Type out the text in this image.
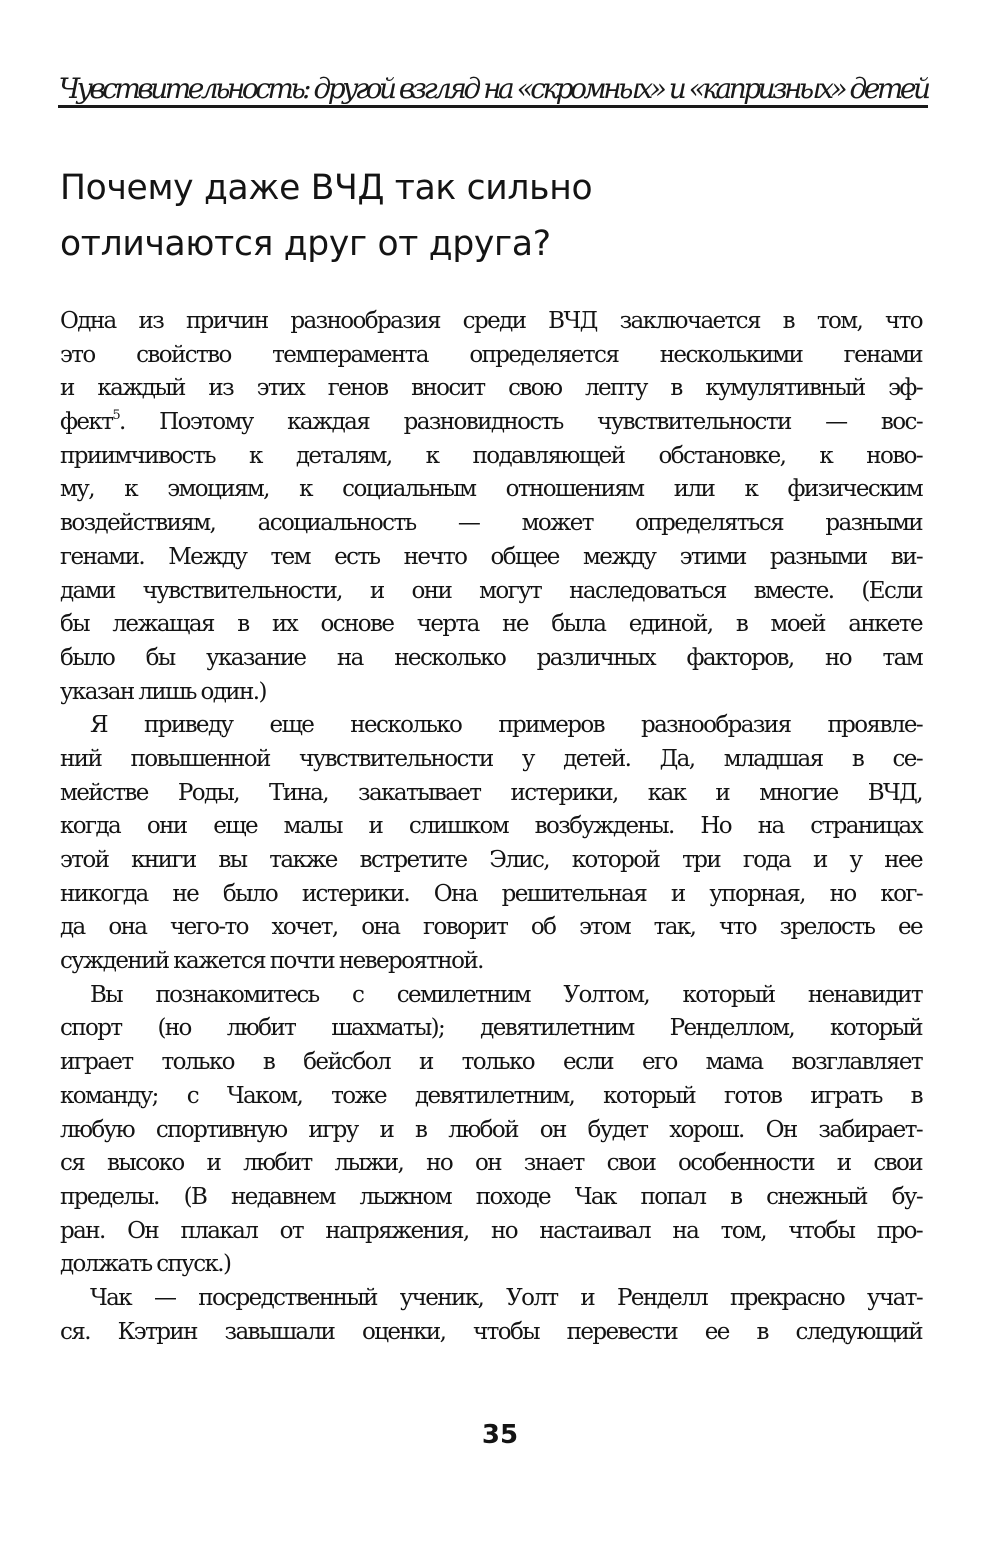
Чувствительность: другой взгляд на «скромных» и «капризных» детей
Почему даже ВЧД так сильно
отличаются друг от друга?
Одна из причин разнообразия среди ВЧД заключается в том, что
это свойство темперамента определяется несколькими генами
и каждый из этих генов вносит свою лепту в кумулятивный эф-
фект$^5$. Поэтому каждая разновидность чувствительности — вос-
приимчивость к деталям, к подавляющей обстановке, к ново-
му, к эмоциям, к социальным отношениям или к физическим
воздействиям, асоциальность — может определяться разными
генами. Между тем есть нечто общее между этими разными ви-
дами чувствительности, и они могут наследоваться вместе. (Если
бы лежащая в их основе черта не была единой, в моей анкете
было бы указание на несколько различных факторов, но там
указан лишь один.)
Я приведу еще несколько примеров разнообразия проявле-
ний повышенной чувствительности у детей. Да, младшая в се-
мействе Роды, Тина, закатывает истерики, как и многие ВЧД,
когда они еще малы и слишком возбуждены. Но на страницах
этой книги вы также встретите Элис, которой три года и у нее
никогда не было истерики. Она решительная и упорная, но ког-
да она чего-то хочет, она говорит об этом так, что зрелость ее
суждений кажется почти невероятной.
Вы познакомитесь с семилетним Уолтом, который ненавидит
спорт (но любит шахматы); девятилетним Ренделлом, который
играет только в бейсбол и только если его мама возглавляет
команду; с Чаком, тоже девятилетним, который готов играть в
любую спортивную игру и в любой он будет хорош. Он забирает-
ся высоко и любит лыжи, но он знает свои особенности и свои
пределы. (В недавнем лыжном походе Чак попал в снежный бу-
ран. Он плакал от напряжения, но настаивал на том, чтобы про-
должать спуск.)
Чак — посредственный ученик, Уолт и Ренделл прекрасно учат-
ся. Кэтрин завышали оценки, чтобы перевести ее в следующий
35
